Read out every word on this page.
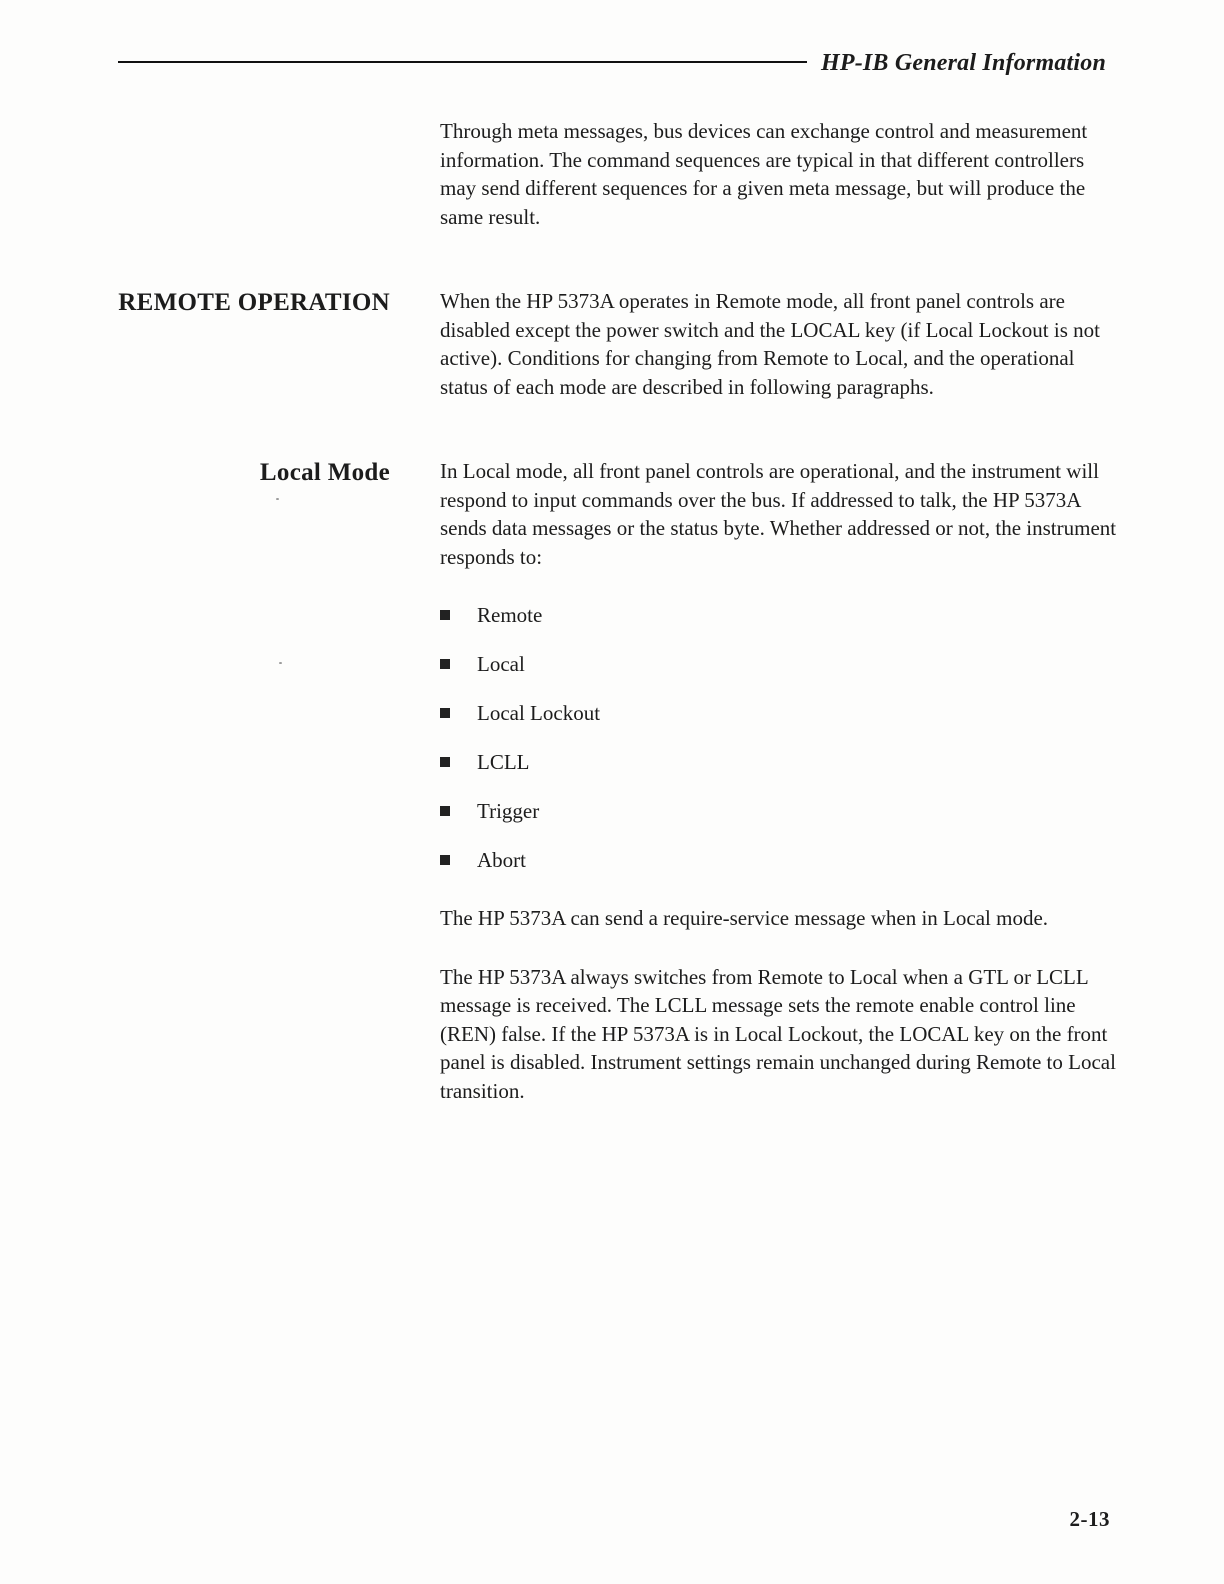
HP-IB General Information

Through meta messages, bus devices can exchange control and measurement information. The command sequences are typical in that different controllers may send different sequences for a given meta message, but will produce the same result.

REMOTE OPERATION When the HP 5373A operates in Remote mode, all front panel controls are disabled except the power switch and the LOCAL key (if Local Lockout is not active). Conditions for changing from Remote to Local, and the operational status of each mode are described in following paragraphs.

Local Mode In Local mode, all front panel controls are operational, and the instrument will respond to input commands over the bus. If addressed to talk, the HP 5373A sends data messages or the status byte. Whether addressed or not, the instrument responds to:

Remote
Local
Local Lockout
LCLL
Trigger
Abort

The HP 5373A can send a require-service message when in Local mode.

The HP 5373A always switches from Remote to Local when a GTL or LCLL message is received. The LCLL message sets the remote enable control line (REN) false. If the HP 5373A is in Local Lockout, the LOCAL key on the front panel is disabled. Instrument settings remain unchanged during Remote to Local transition.

2-13
